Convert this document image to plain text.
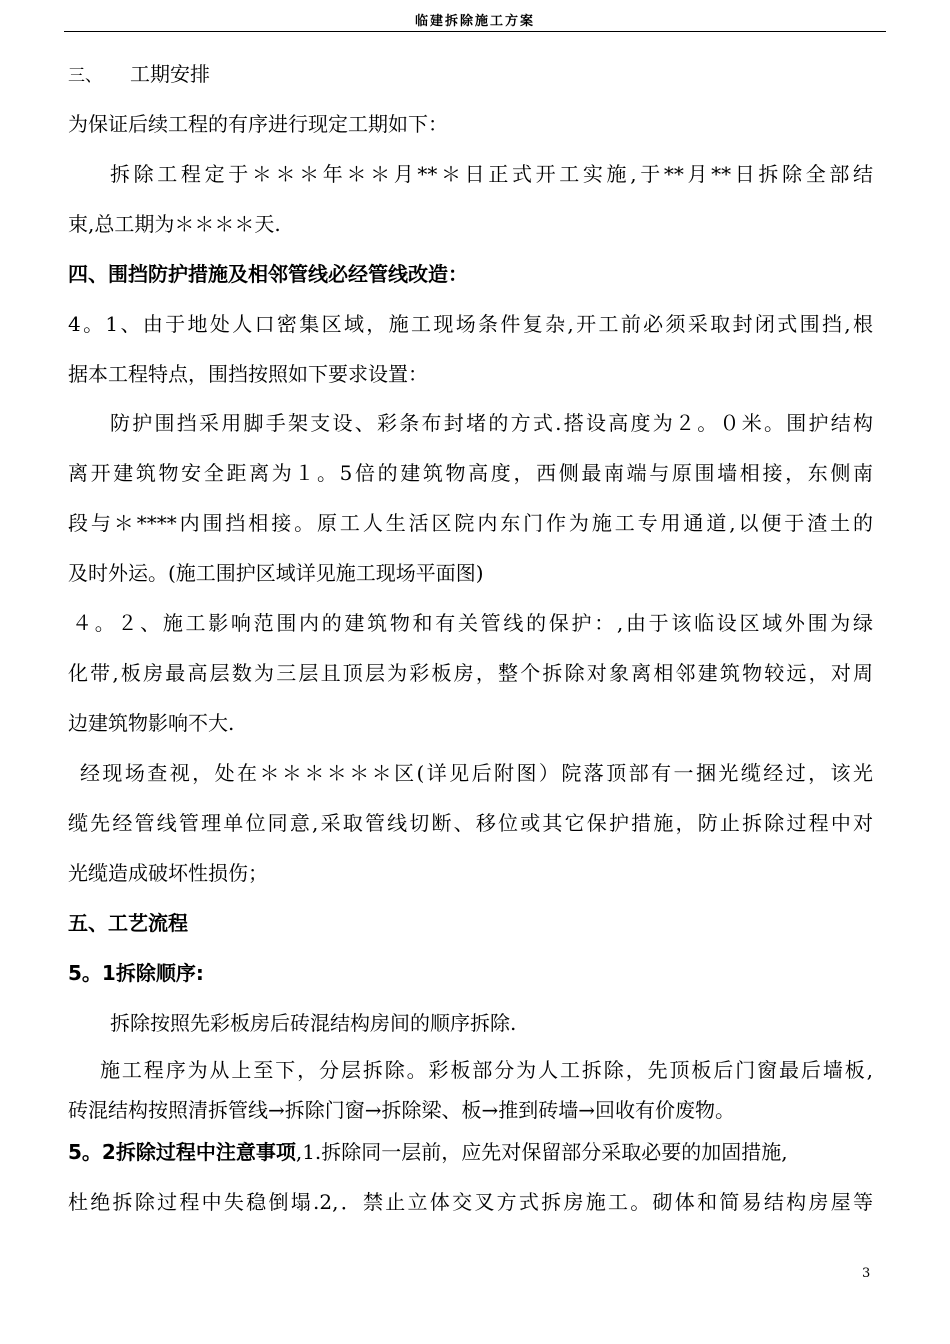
临建拆除施工方案
三、 工期安排
为保证后续工程的有序进行现定工期如下：
拆除工程定于＊＊＊年＊＊月**＊日正式开工实施,于**月**日拆除全部结
束,总工期为＊＊＊＊天.
四、围挡防护措施及相邻管线必经管线改造：
4。1、由于地处人口密集区域，施工现场条件复杂,开工前必须采取封闭式围挡,根
据本工程特点，围挡按照如下要求设置：
防护围挡采用脚手架支设、彩条布封堵的方式.搭设高度为２。０米。围护结构
离开建筑物安全距离为１。5倍的建筑物高度，西侧最南端与原围墙相接，东侧南
段与＊****内围挡相接。原工人生活区院内东门作为施工专用通道,以便于渣土的
及时外运。(施工围护区域详见施工现场平面图)
４。２、施工影响范围内的建筑物和有关管线的保护：,由于该临设区域外围为绿
化带,板房最高层数为三层且顶层为彩板房，整个拆除对象离相邻建筑物较远，对周
边建筑物影响不大.
经现场查视，处在＊＊＊＊＊＊区(详见后附图）院落顶部有一捆光缆经过，该光
缆先经管线管理单位同意,采取管线切断、移位或其它保护措施，防止拆除过程中对
光缆造成破坏性损伤；
五、工艺流程
5。1拆除顺序:
拆除按照先彩板房后砖混结构房间的顺序拆除.
施工程序为从上至下，分层拆除。彩板部分为人工拆除，先顶板后门窗最后墙板,
砖混结构按照清拆管线→拆除门窗→拆除梁、板→推到砖墙→回收有价废物。
5。2拆除过程中注意事项,1.拆除同一层前，应先对保留部分采取必要的加固措施,
杜绝拆除过程中失稳倒塌.2,．禁止立体交叉方式拆房施工。砌体和简易结构房屋等
3
